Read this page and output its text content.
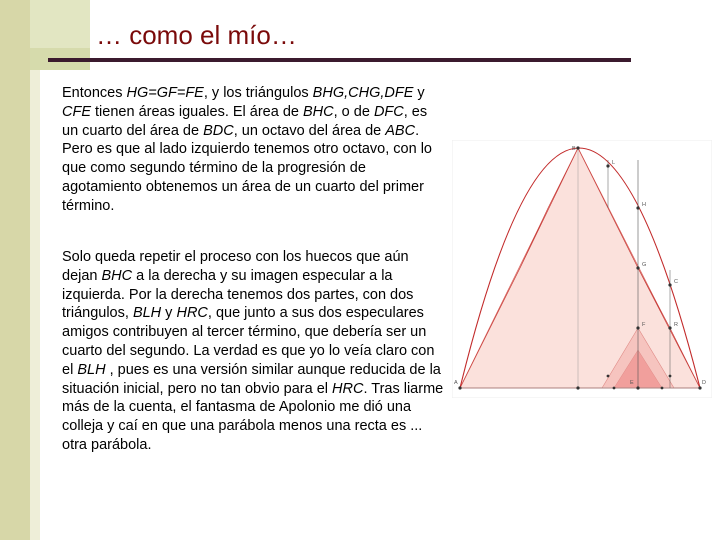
… como el mío…

Entonces HG=GF=FE, y los triángulos BHG,CHG,DFE y CFE tienen áreas iguales. El área de BHC, o de DFC, es un cuarto del área de BDC, un octavo del área de ABC. Pero es que al lado izquierdo tenemos otro octavo, con lo que como segundo término de la progresión de agotamiento obtenemos un área de un cuarto del primer término.

Solo queda repetir el proceso con los huecos que aún dejan BHC a la derecha y su imagen especular a la izquierda. Por la derecha tenemos dos partes, con dos triángulos, BLH y HRC, que junto a sus dos especulares amigos contribuyen al tercer término, que debería ser un cuarto del segundo. La verdad es que yo lo veía claro con el BLH , pues es una versión similar aunque reducida de la situación inicial, pero no tan obvio para el HRC. Tras liarme más de la cuenta, el fantasma de Apolonio me dió una colleja y caí en que una parábola menos una recta es ... otra parábola.

B
L
H
G
C
R
F
E	D
A
